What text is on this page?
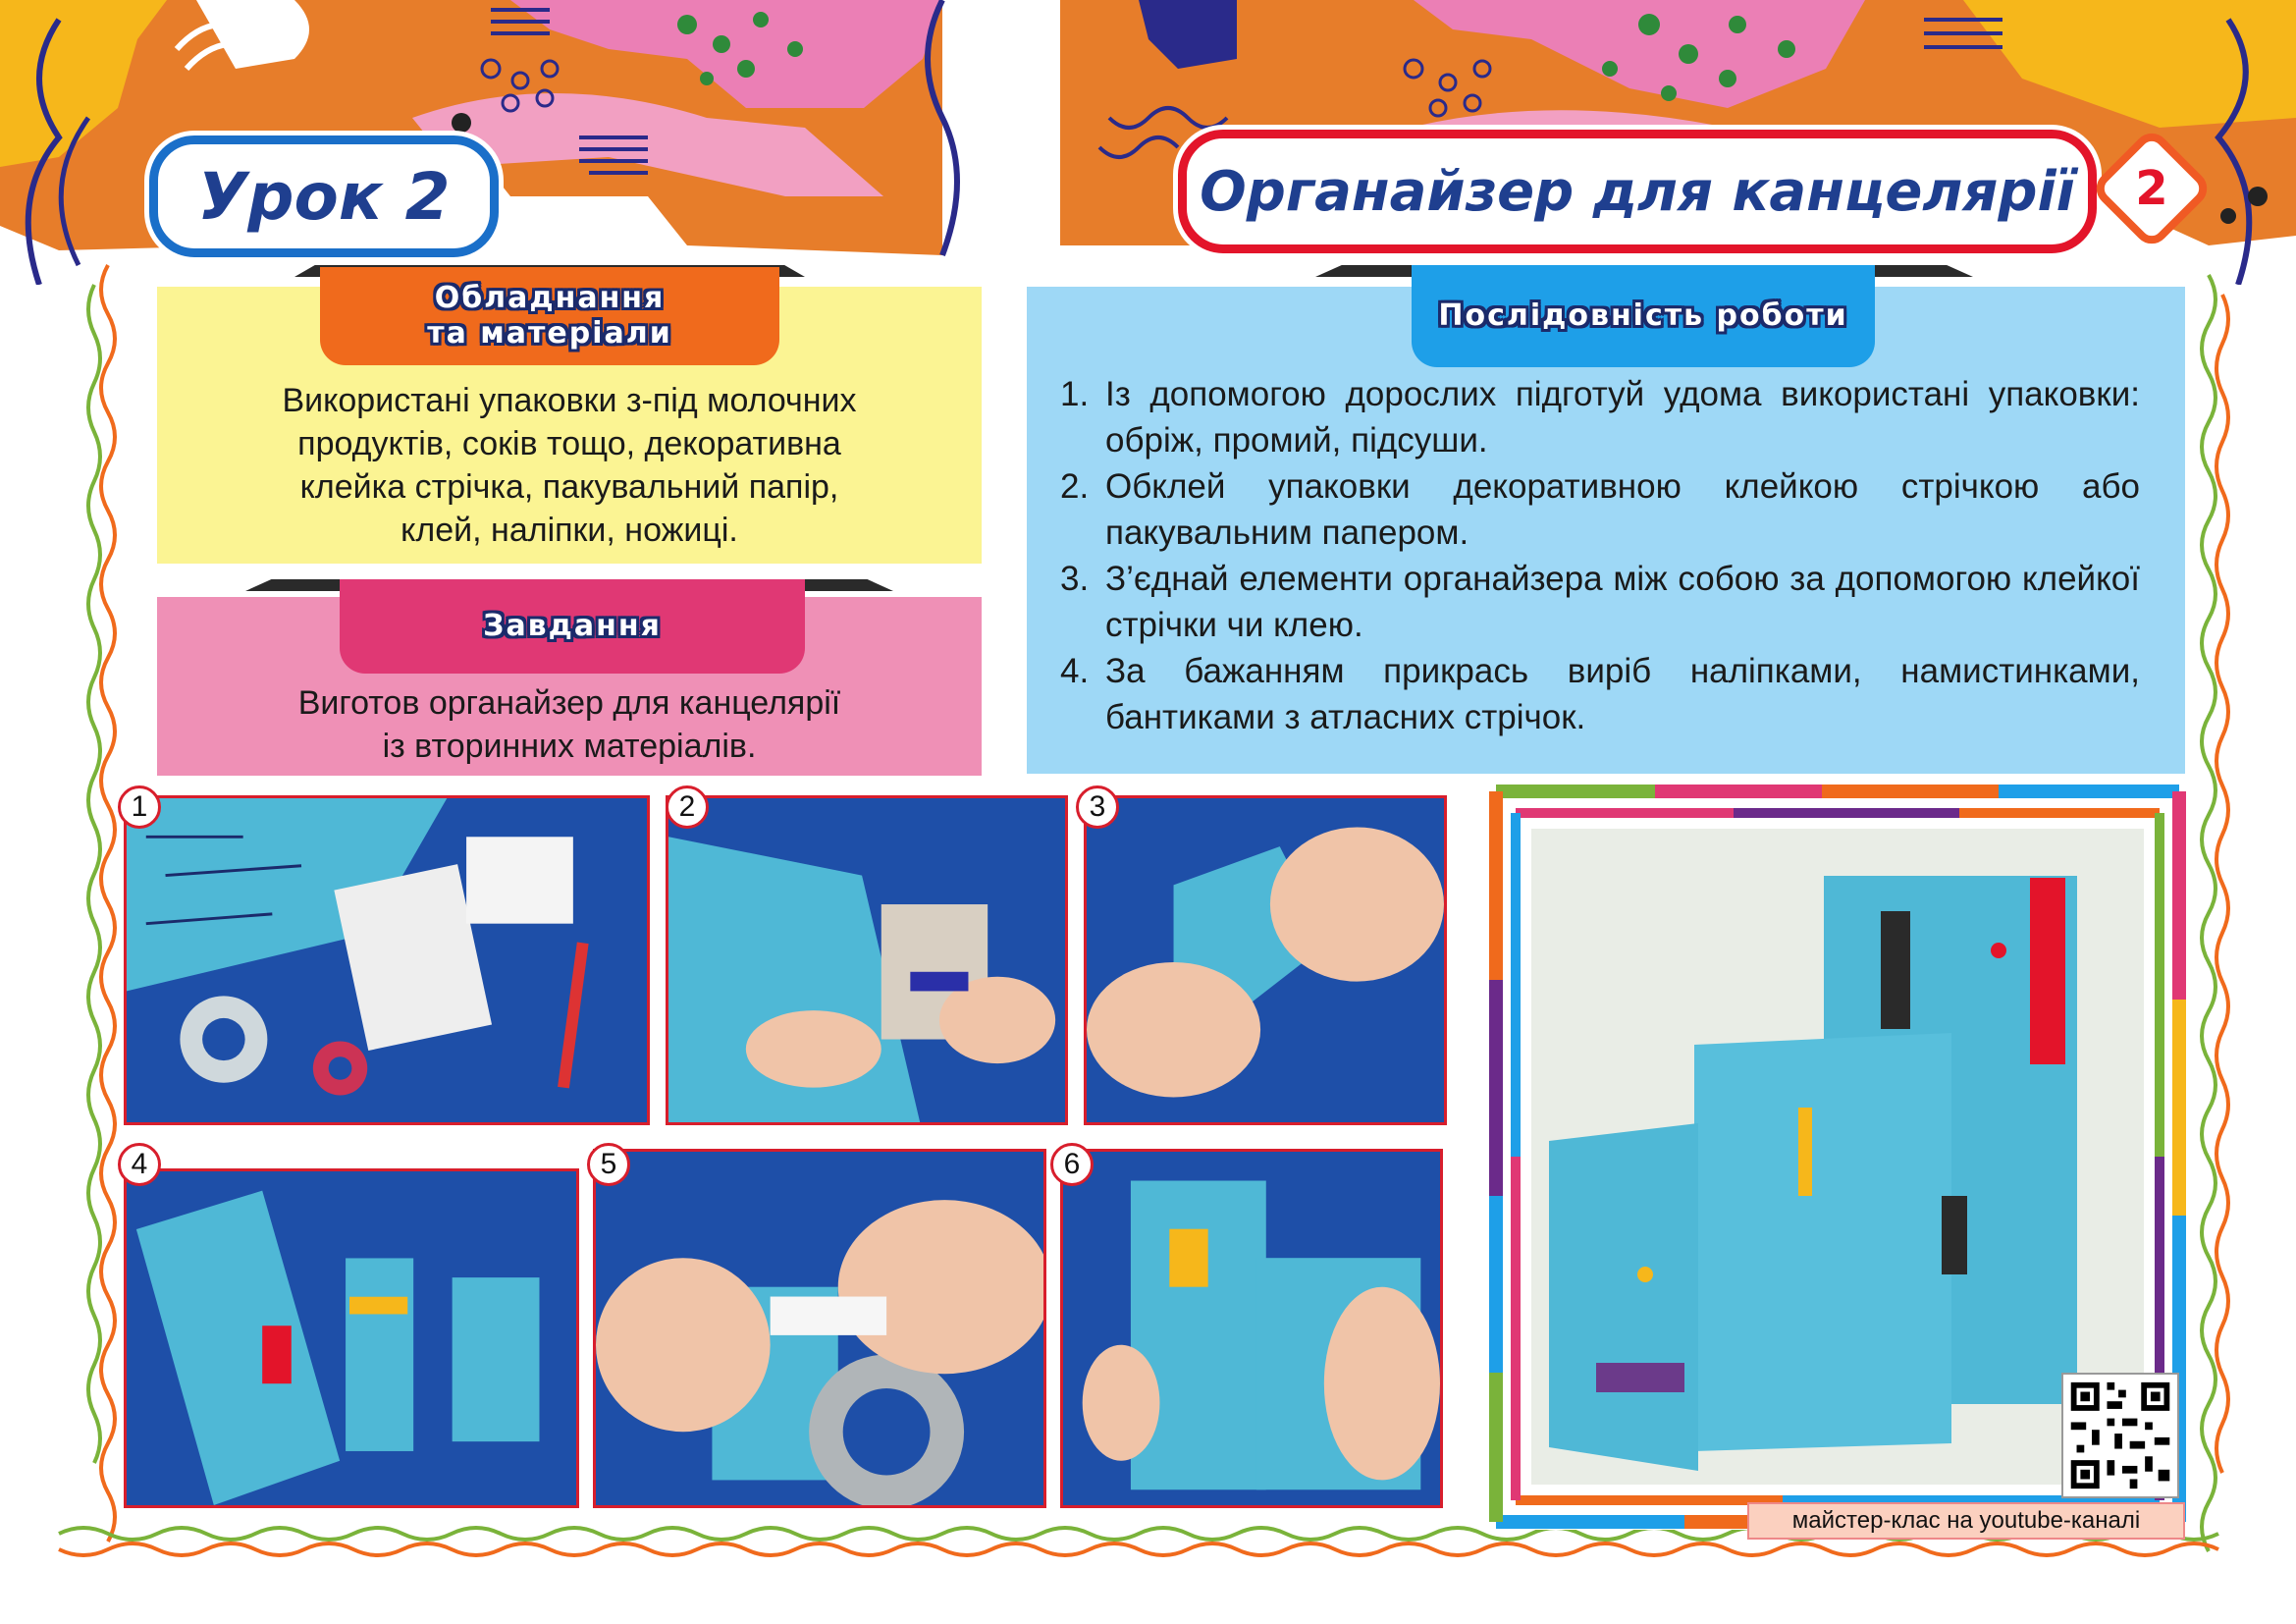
Урок 2	Органайзер для канцелярії	2
Обладнання
та матеріали
Використані упаковки з-під молочних
продуктів, соків тощо, декоративна
клейка стрічка, пакувальний папір,
клей, наліпки, ножиці.
Завдання
Виготов органайзер для канцелярії
із вторинних матеріалів.
Послідовність роботи
1. Із допомогою дорослих підготуй удома використані упаковки: обріж, промий, підсуши.
2. Обклей упаковки декоративною клейкою стрічкою або пакувальним папером.
3. З’єднай елементи органайзера між собою за допомогою клейкої стрічки чи клею.
4. За бажанням прикрась виріб наліпками, намистинками, бантиками з атласних стрічок.
1	2	3
4	5	6
майстер-клас на youtube-каналі
